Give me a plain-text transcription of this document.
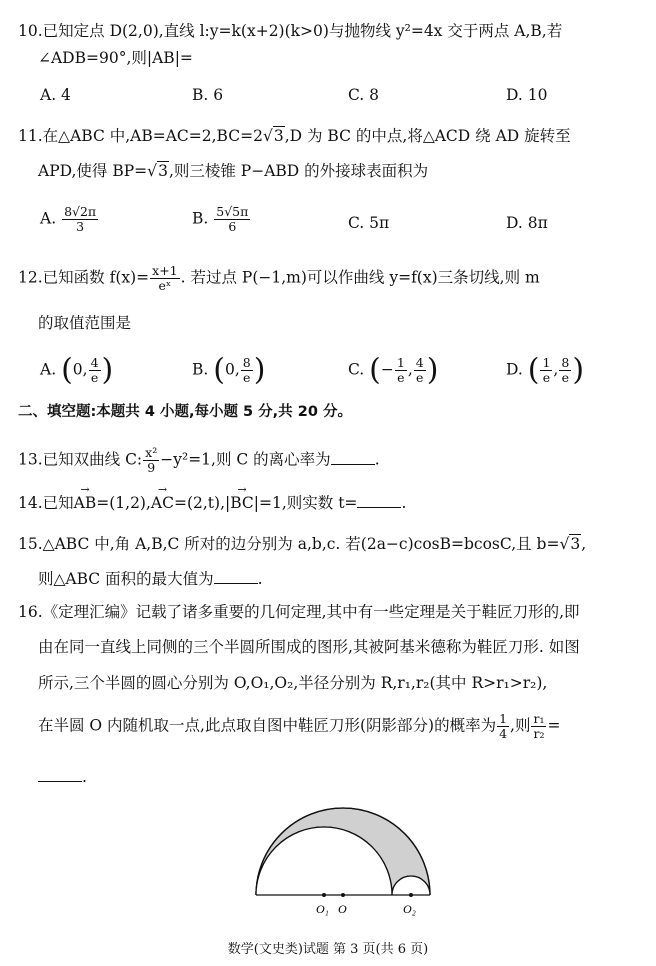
10.已知定点 D(2,0),直线 l:y=k(x+2)(k>0)与抛物线 y²=4x 交于两点 A,B,若
∠ADB=90°,则|AB|=
A. 4	B. 6	C. 8	D. 10
11.在△ABC 中,AB=AC=2,BC=2√3,D 为 BC 的中点,将△ACD 绕 AD 旋转至
APD,使得 BP=√3,则三棱锥 P−ABD 的外接球表面积为
A. $\frac{8√2\pi}{3}$	B. $\frac{5√5\pi}{6}$	C. 5π	D. 8π
12.已知函数 $f(x)= \frac{x+1}{\text{eˣ}}$ . 若过点 P(−1,m)可以作曲线 y=f(x)三条切线,则 m
的取值范围是
A. (0, $\frac{4}{e}$ )	B. (0, $\frac{8}{e}$ )	C. (− $\frac{1}{e}$ , $\frac{4}{e}$ )	D. ( $\frac{1}{e}$ , $\frac{8}{e}$ )
二、填空题:本题共 4 小题,每小题 5 分,共 20 分。
13.已知双曲线 C: $\frac{\text{x²}}{9} -y^2=1$,则 C 的离心率为	.
14.已知→ AB=(1,2),→ AC=(2,t),|→ BC|=1,则实数 t=	.
15.△ABC 中,角 A,B,C 所对的边分别为 a,b,c. 若(2a−c)cosB=bcosC,且 b=√3,
则△ABC 面积的最大值为	.
16.《定理汇编》记载了诸多重要的几何定理,其中有一些定理是关于鞋匠刀形的,即
由在同一直线上同侧的三个半圆所围成的图形,其被阿基米德称为鞋匠刀形. 如图
所示,三个半圆的圆心分别为 O,O₁,O₂,半径分别为 R,r₁,r₂(其中 R>r₁>r₂),
在半圆 O 内随机取一点,此点取自图中鞋匠刀形(阴影部分)的概率为 $\frac{1}{4}$ ,则 $\frac{\text{r₁}}{\text{r₂}}$ =
.
O₁ O	O₂
数学(文史类)试题 第 3 页(共 6 页)
